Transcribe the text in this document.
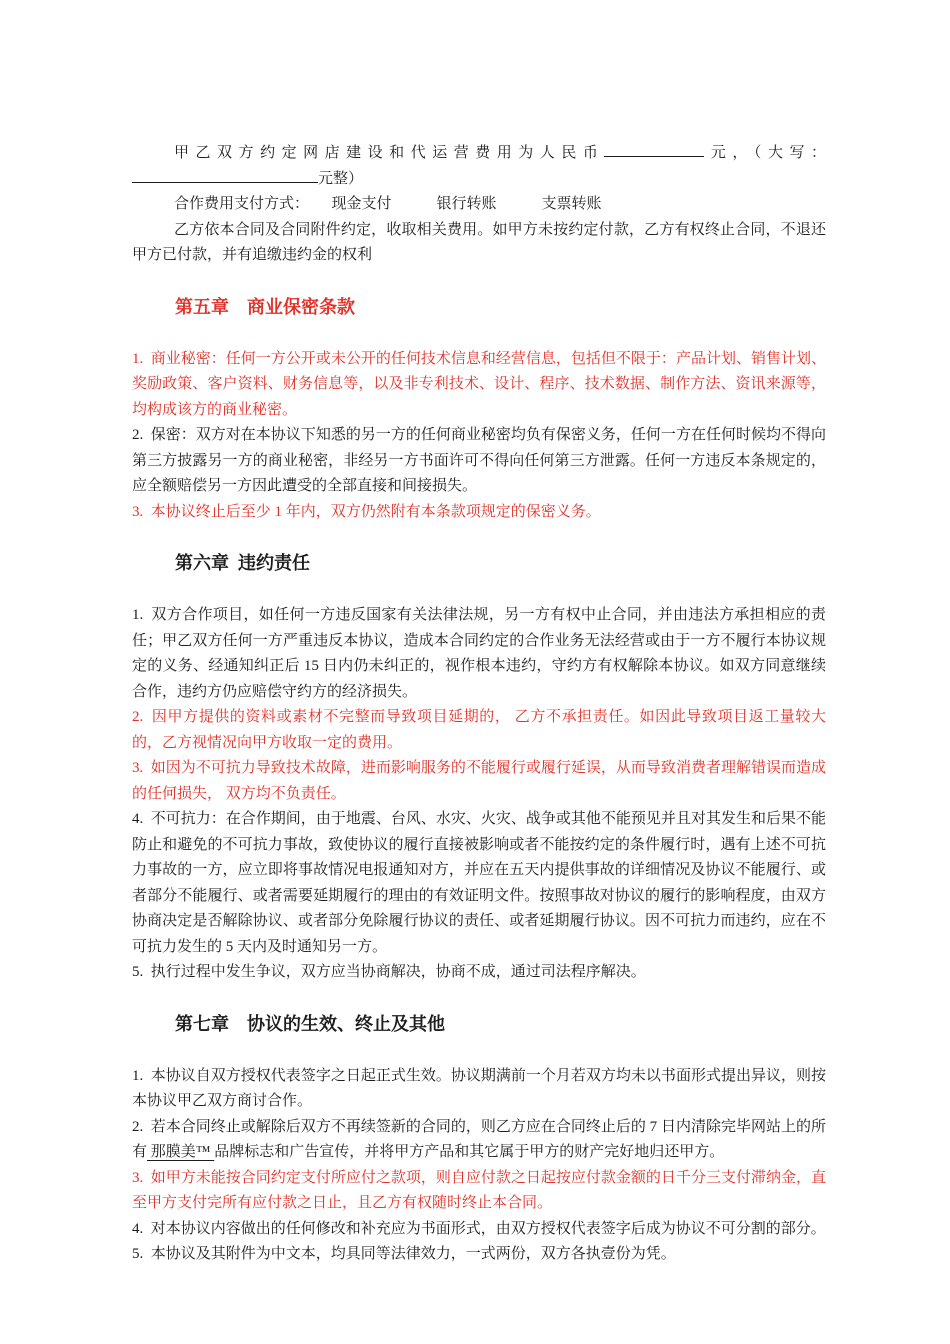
甲乙双方约定网店建设和代运营费用为人民币	元，（大写：元整）

合作费用支付方式：　　现金支付　　　银行转账　　　支票转账

乙方依本合同及合同附件约定，收取相关费用。如甲方未按约定付款，乙方有权终止合同，不退还甲方已付款，并有追缴违约金的权利

第五章　商业保密条款

1.  商业秘密：任何一方公开或未公开的任何技术信息和经营信息，包括但不限于：产品计划、销售计划、奖励政策、客户资料、财务信息等，以及非专利技术、设计、程序、技术数据、制作方法、资讯来源等，均构成该方的商业秘密。

2.  保密：双方对在本协议下知悉的另一方的任何商业秘密均负有保密义务，任何一方在任何时候均不得向第三方披露另一方的商业秘密，非经另一方书面许可不得向任何第三方泄露。任何一方违反本条规定的，应全额赔偿另一方因此遭受的全部直接和间接损失。

3.  本协议终止后至少 1 年内，双方仍然附有本条款项规定的保密义务。

第六章  违约责任

1.  双方合作项目，如任何一方违反国家有关法律法规，另一方有权中止合同，并由违法方承担相应的责任；甲乙双方任何一方严重违反本协议，造成本合同约定的合作业务无法经营或由于一方不履行本协议规定的义务、经通知纠正后 15 日内仍未纠正的，视作根本违约，守约方有权解除本协议。如双方同意继续合作，违约方仍应赔偿守约方的经济损失。

2.  因甲方提供的资料或素材不完整而导致项目延期的， 乙方不承担责任。如因此导致项目返工量较大的，乙方视情况向甲方收取一定的费用。

3.  如因为不可抗力导致技术故障，进而影响服务的不能履行或履行延误，从而导致消费者理解错误而造成的任何损失， 双方均不负责任。

4.  不可抗力：在合作期间，由于地震、台风、水灾、火灾、战争或其他不能预见并且对其发生和后果不能防止和避免的不可抗力事故，致使协议的履行直接被影响或者不能按约定的条件履行时，遇有上述不可抗力事故的一方，应立即将事故情况电报通知对方，并应在五天内提供事故的详细情况及协议不能履行、或者部分不能履行、或者需要延期履行的理由的有效证明文件。按照事故对协议的履行的影响程度，由双方协商决定是否解除协议、或者部分免除履行协议的责任、或者延期履行协议。因不可抗力而违约，应在不可抗力发生的 5 天内及时通知另一方。

5.  执行过程中发生争议，双方应当协商解决，协商不成，通过司法程序解决。

第七章　协议的生效、终止及其他

1.  本协议自双方授权代表签字之日起正式生效。协议期满前一个月若双方均未以书面形式提出异议，则按本协议甲乙双方商讨合作。

2.  若本合同终止或解除后双方不再续签新的合同的，则乙方应在合同终止后的 7 日内清除完毕网站上的所有 那膜美™ 品牌标志和广告宣传，并将甲方产品和其它属于甲方的财产完好地归还甲方。

3.  如甲方未能按合同约定支付所应付之款项，则自应付款之日起按应付款金额的日千分三支付滞纳金，直至甲方支付完所有应付款之日止，且乙方有权随时终止本合同。

4.  对本协议内容做出的任何修改和补充应为书面形式，由双方授权代表签字后成为协议不可分割的部分。

5.  本协议及其附件为中文本，均具同等法律效力，一式两份，双方各执壹份为凭。
